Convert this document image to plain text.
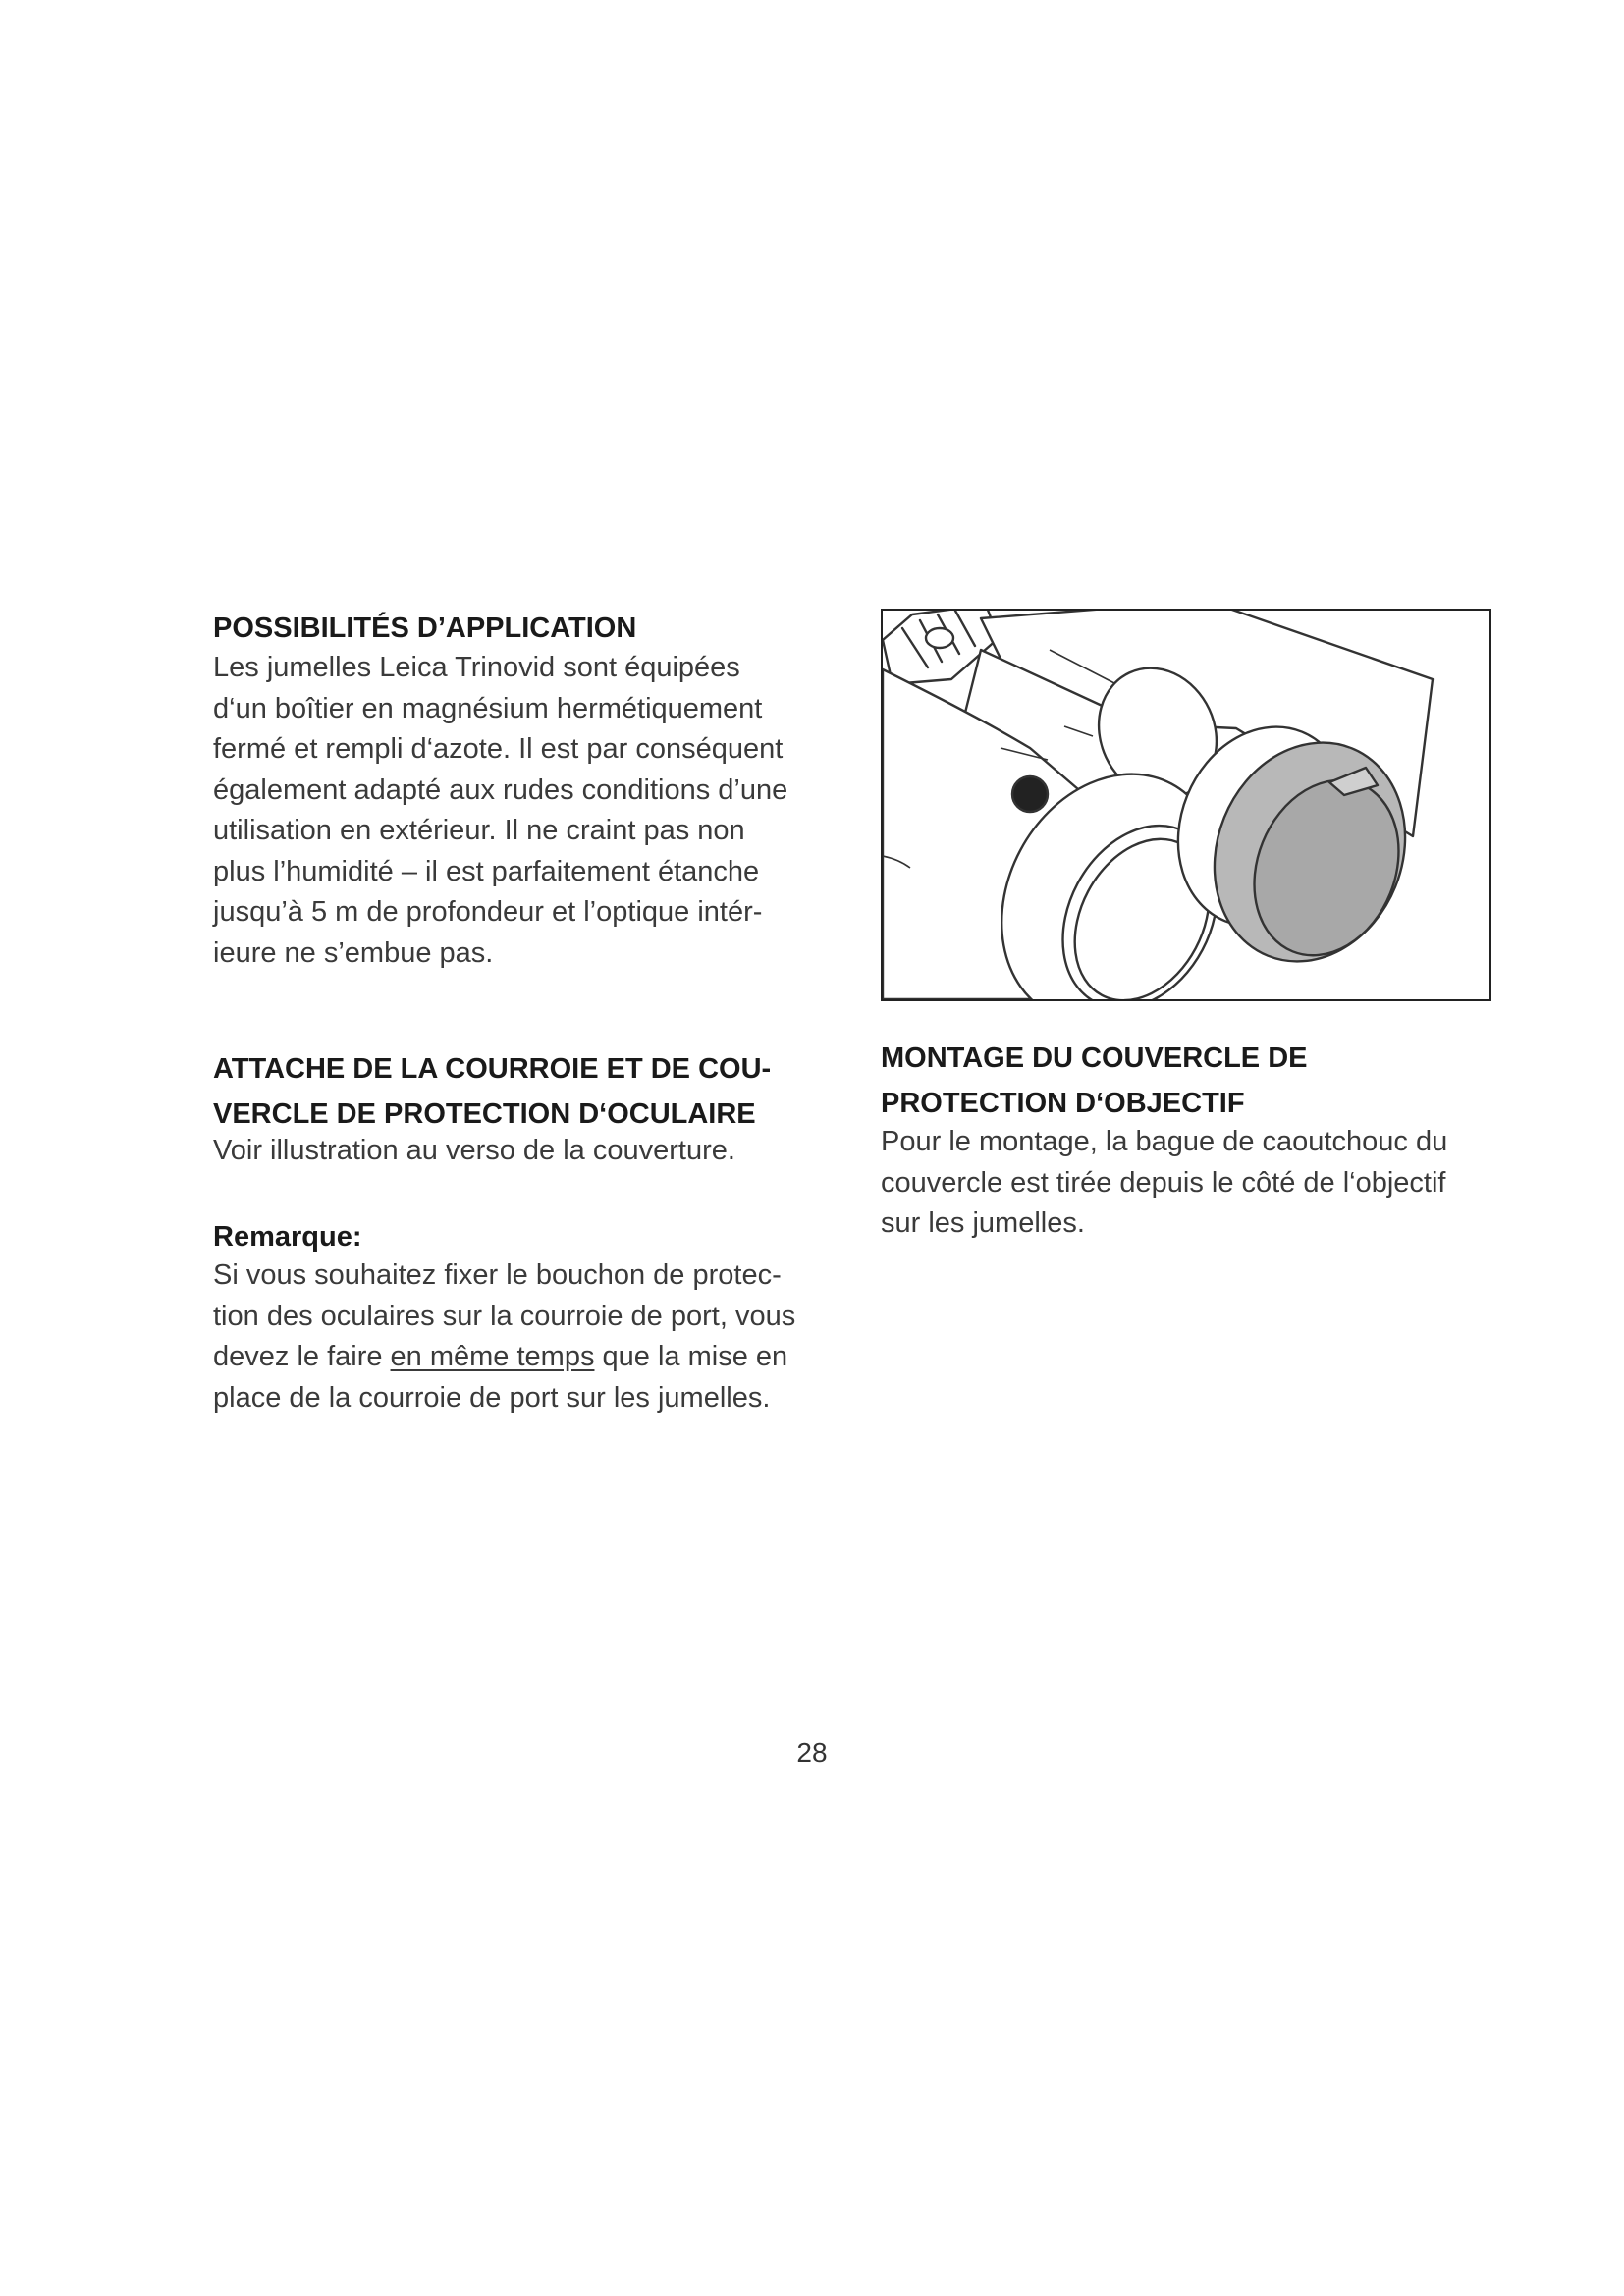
POSSIBILITÉS D’APPLICATION

Les jumelles Leica Trinovid sont équipées
d‘un boîtier en magnésium hermétiquement
fermé et rempli d‘azote. Il est par conséquent
également adapté aux rudes conditions d’une
utilisation en extérieur. Il ne craint pas non
plus l’humidité – il est parfaitement étanche
jusqu’à 5 m de profondeur et l’optique intér-
ieure ne s’embue pas.

ATTACHE DE LA COURROIE ET DE COU-
VERCLE DE PROTECTION D‘OCULAIRE

Voir illustration au verso de la couverture.

Remarque:

Si vous souhaitez fixer le bouchon de protec-
tion des oculaires sur la courroie de port, vous
devez le faire en même temps que la mise en
place de la courroie de port sur les jumelles.

MONTAGE DU COUVERCLE DE
PROTECTION D‘OBJECTIF

Pour le montage, la bague de caoutchouc du
couvercle est tirée depuis le côté de l‘objectif
sur les jumelles.

28
